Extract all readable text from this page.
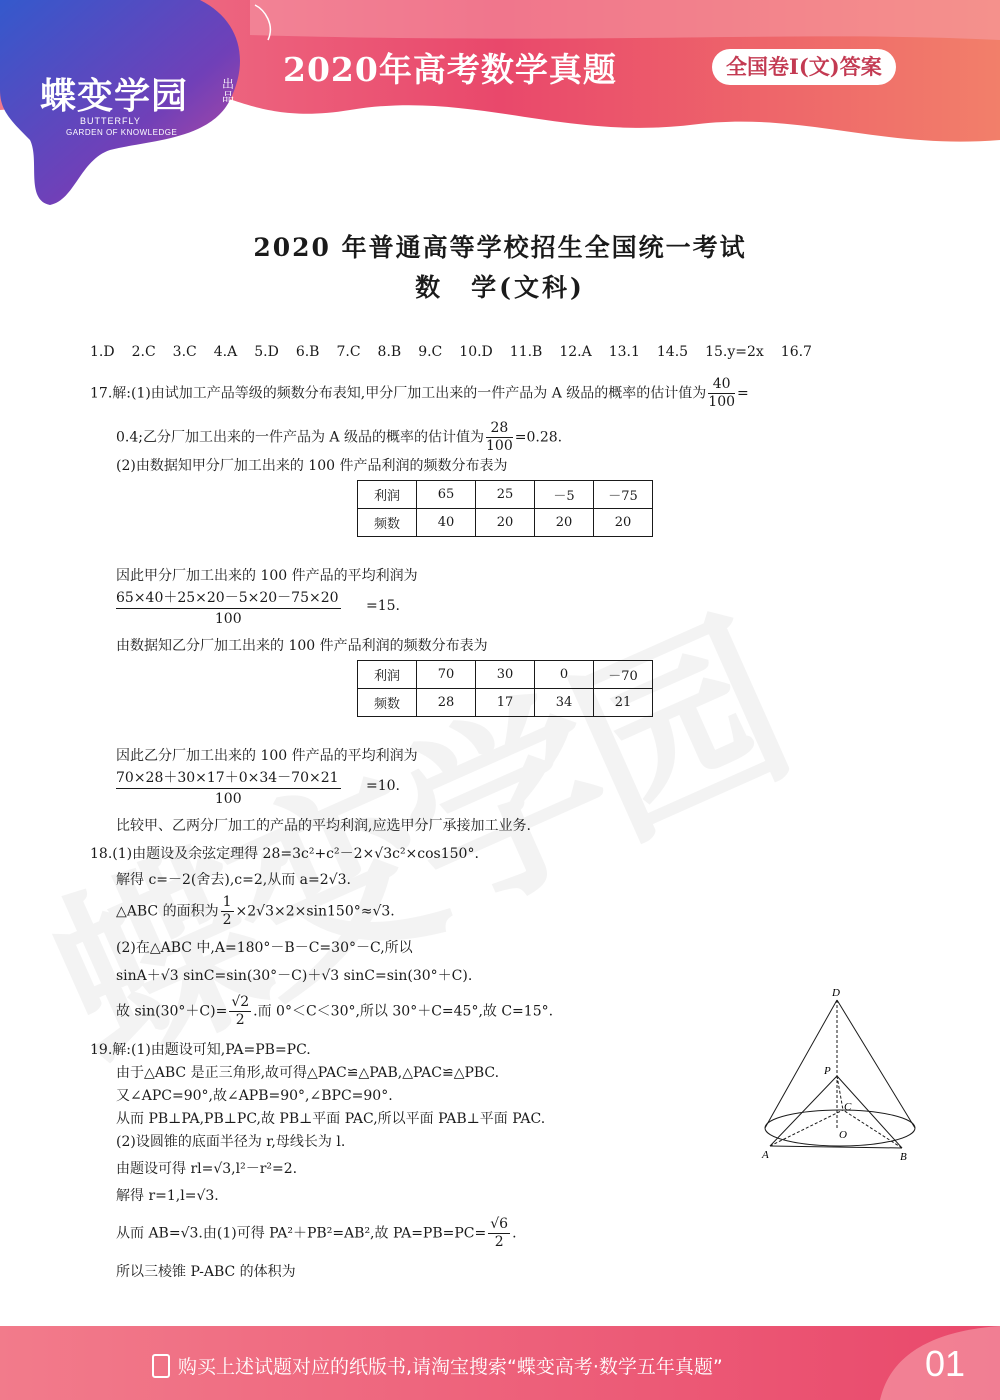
蝶变学园	出品
BUTTERFLY
GARDEN OF KNOWLEDGE
2020年高考数学真题	全国卷Ⅰ(文)答案
2020 年普通高等学校招生全国统一考试
数　学(文科)
1.D 2.C 3.C 4.A 5.D 6.B 7.C 8.B 9.C 10.D 11.B 12.A 13.1 14.5 15.y=2x 16.7
17.解:(1)由试加工产品等级的频数分布表知,甲分厂加工出来的一件产品为 A 级品的概率的估计值为 $\frac{40}{100}$ =
0.4;乙分厂加工出来的一件产品为 A 级品的概率的估计值为 $\frac{28}{100} =0.28$.
(2)由数据知甲分厂加工出来的 100 件产品利润的频数分布表为
利润	65	25	－5	－75
频数	40	20	20	20
因此甲分厂加工出来的 100 件产品的平均利润为
65×40＋25×20－5×20－75×20
100
=15.
由数据知乙分厂加工出来的 100 件产品利润的频数分布表为
利润	70	30	0	－70
频数	28	17	34	21
因此乙分厂加工出来的 100 件产品的平均利润为
70×28＋30×17＋0×34－70×21
100
=10.
比较甲、乙两分厂加工的产品的平均利润,应选甲分厂承接加工业务.
18.(1)由题设及余弦定理得 28=3c²+c²－2×√3c²×cos150°.
解得 c=－2(舍去),c=2,从而 a=2√3.
△ABC 的面积为 $\frac{1}{2} \times 2√3\times 2\times\sin 150^\circ\approx√3$.
(2)在△ABC 中,A=180°－B－C=30°－C,所以
sinA＋√3 sinC=sin(30°－C)＋√3 sinC=sin(30°＋C).
故 $\sin(30^\circ+C)= \frac{√2}{2}$ .而 0°＜C＜30°,所以 30°＋C=45°,故 C=15°.
19.解:(1)由题设可知,PA=PB=PC.
由于△ABC 是正三角形,故可得△PAC≌△PAB,△PAC≌△PBC.
又∠APC=90°,故∠APB=90°,∠BPC=90°.
从而 PB⊥PA,PB⊥PC,故 PB⊥平面 PAC,所以平面 PAB⊥平面 PAC.
(2)设圆锥的底面半径为 r,母线长为 l.
由题设可得 rl=√3,l²－r²=2.
解得 r=1,l=√3.
从而 AB=√3.由(1)可得 PA²＋PB²=AB²,故 $PA=PB=PC= \frac{√6}{2}$ .
所以三棱锥 P-ABC 的体积为
D
P
C
O
A	B
购买上述试题对应的纸版书,请淘宝搜索“蝶变高考·数学五年真题”	01
